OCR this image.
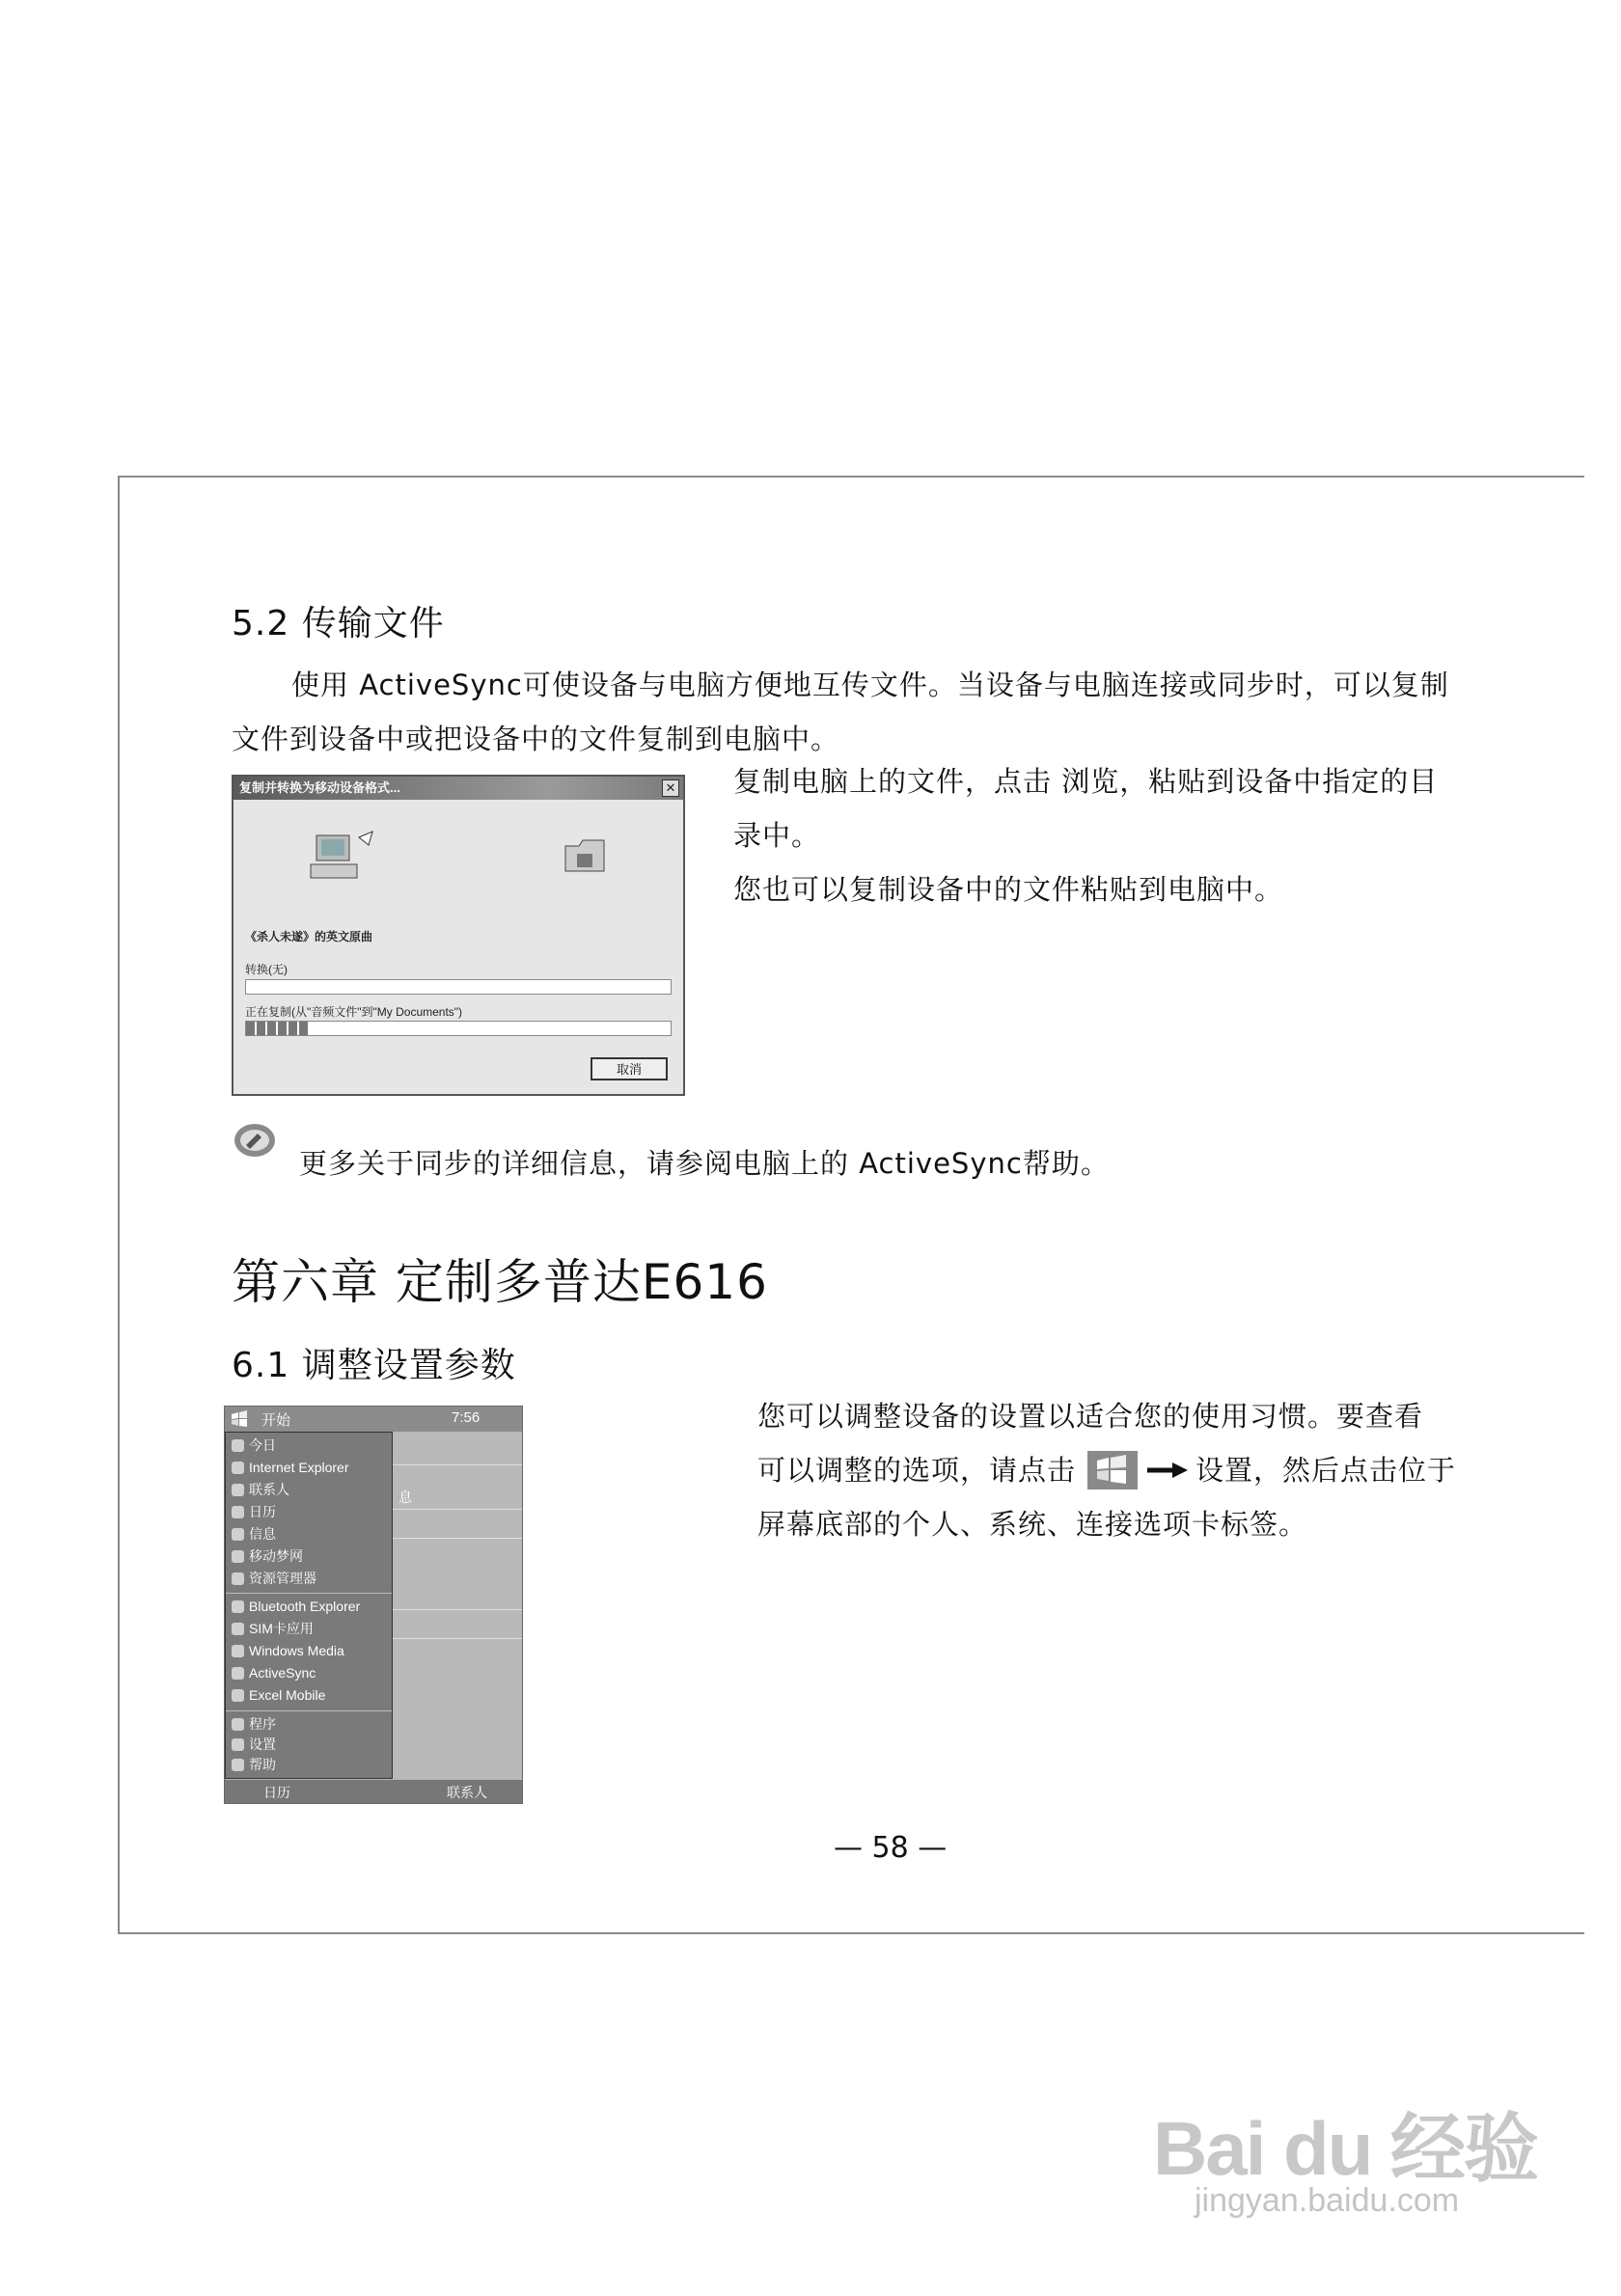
5.2 传输文件

使用 ActiveSync可使设备与电脑方便地互传文件。当设备与电脑连接或同步时，可以复制

文件到设备中或把设备中的文件复制到电脑中。

复制并转换为移动设备格式...	✕
《杀人未遂》的英文原曲
转换(无)
正在复制(从"音频文件"到"My Documents")
取消

复制电脑上的文件，点击 浏览，粘贴到设备中指定的目

录中。

您也可以复制设备中的文件粘贴到电脑中。

更多关于同步的详细信息，请参阅电脑上的 ActiveSync帮助。
第六章 定制多普达E616
6.1 调整设置参数
开始	7:56
息
今日
Internet Explorer
联系人
日历
信息
移动梦网
资源管理器
Bluetooth Explorer
SIM卡应用
Windows Media
ActiveSync
Excel Mobile
程序
设置
帮助
日历	联系人

您可以调整设备的设置以适合您的使用习惯。要查看

可以调整的选项，请点击	设置，然后点击位于

屏幕底部的个人、系统、连接选项卡标签。

— 58 —
Bai du 经验
jingyan.baidu.com
